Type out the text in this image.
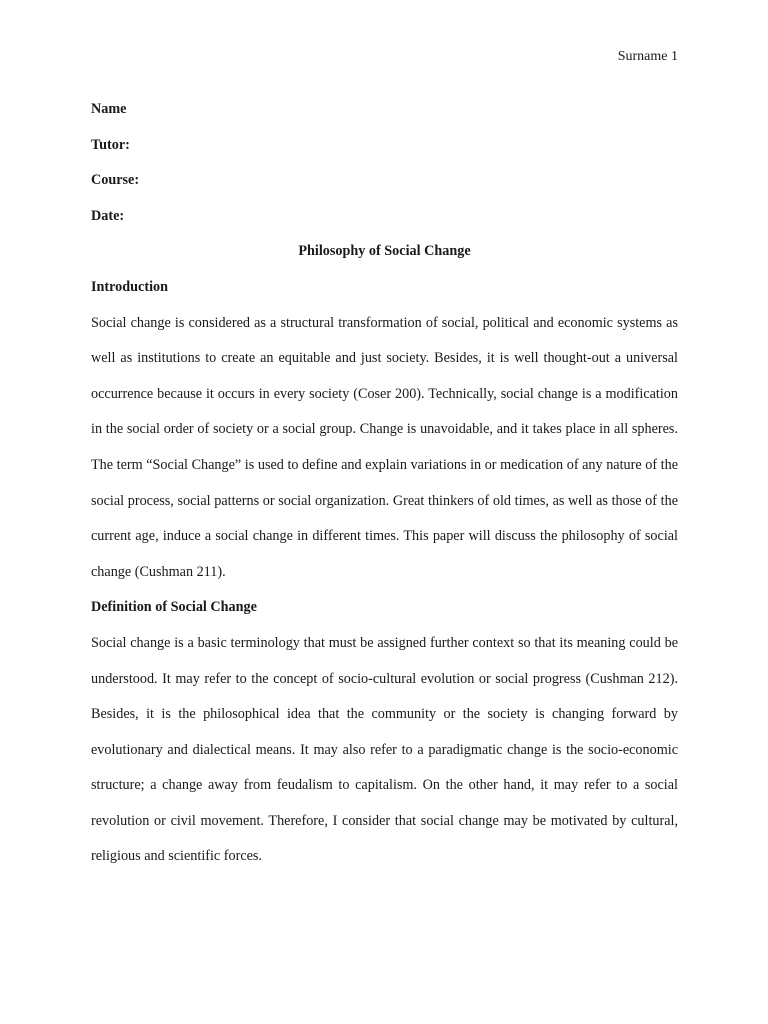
Surname 1

Name

Tutor:

Course:

Date:

Philosophy of Social Change

Introduction

Social change is considered as a structural transformation of social, political and economic systems as well as institutions to create an equitable and just society. Besides, it is well thought-out a universal occurrence because it occurs in every society (Coser 200). Technically, social change is a modification in the social order of society or a social group. Change is unavoidable, and it takes place in all spheres. The term “Social Change” is used to define and explain variations in or medication of any nature of the social process, social patterns or social organization. Great thinkers of old times, as well as those of the current age, induce a social change in different times. This paper will discuss the philosophy of social change (Cushman 211).

Definition of Social Change

Social change is a basic terminology that must be assigned further context so that its meaning could be understood. It may refer to the concept of socio-cultural evolution or social progress (Cushman 212). Besides, it is the philosophical idea that the community or the society is changing forward by evolutionary and dialectical means. It may also refer to a paradigmatic change is the socio-economic structure; a change away from feudalism to capitalism. On the other hand, it may refer to a social revolution or civil movement. Therefore, I consider that social change may be motivated by cultural, religious and scientific forces.
